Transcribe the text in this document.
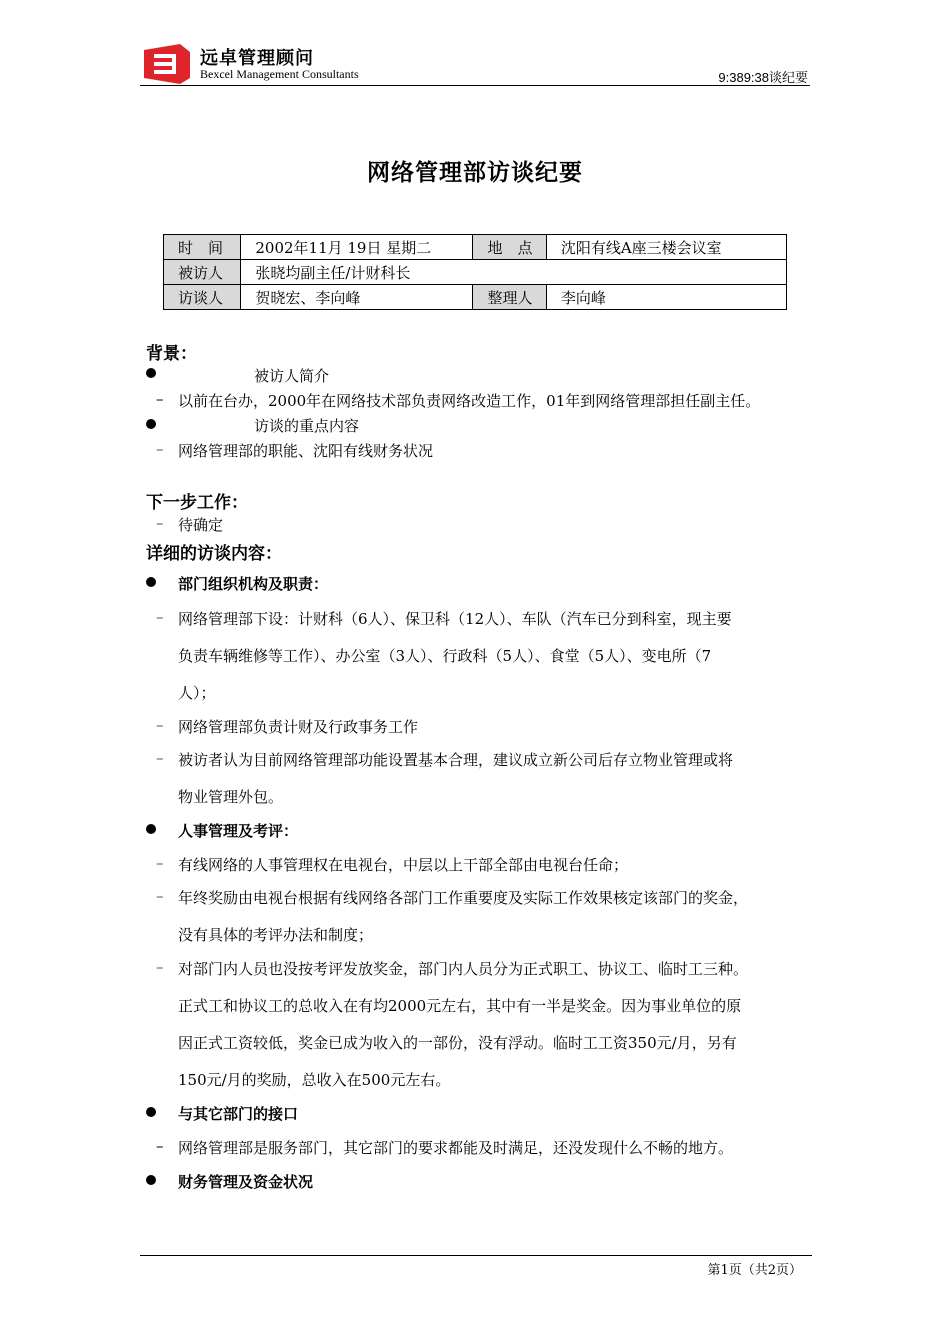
远卓管理顾问
Bexcel Management Consultants	9:389:38谈纪要
网络管理部访谈纪要
时　间	2002年11月 19日 星期二	地　点	沈阳有线A座三楼会议室
被访人	张晓均副主任/计财科长		
访谈人	贺晓宏、李向峰	整理人	李向峰
背景：
被访人简介
– 以前在台办，2000年在网络技术部负责网络改造工作，01年到网络管理部担任副主任。
访谈的重点内容
– 网络管理部的职能、沈阳有线财务状况
下一步工作：
– 待确定
详细的访谈内容：
部门组织机构及职责：
– 网络管理部下设：计财科（6人）、保卫科（12人）、车队（汽车已分到科室，现主要
负责车辆维修等工作）、办公室（3人）、行政科（5人）、食堂（5人）、变电所（7
人）；
– 网络管理部负责计财及行政事务工作
– 被访者认为目前网络管理部功能设置基本合理，建议成立新公司后存立物业管理或将
物业管理外包。
人事管理及考评：
– 有线网络的人事管理权在电视台，中层以上干部全部由电视台任命；
– 年终奖励由电视台根据有线网络各部门工作重要度及实际工作效果核定该部门的奖金，
没有具体的考评办法和制度；
– 对部门内人员也没按考评发放奖金，部门内人员分为正式职工、协议工、临时工三种。
正式工和协议工的总收入在有均2000元左右，其中有一半是奖金。因为事业单位的原
因正式工资较低，奖金已成为收入的一部份，没有浮动。临时工工资350元/月，另有
150元/月的奖励，总收入在500元左右。
与其它部门的接口
– 网络管理部是服务部门，其它部门的要求都能及时满足，还没发现什么不畅的地方。
财务管理及资金状况
第1页（共2页）
